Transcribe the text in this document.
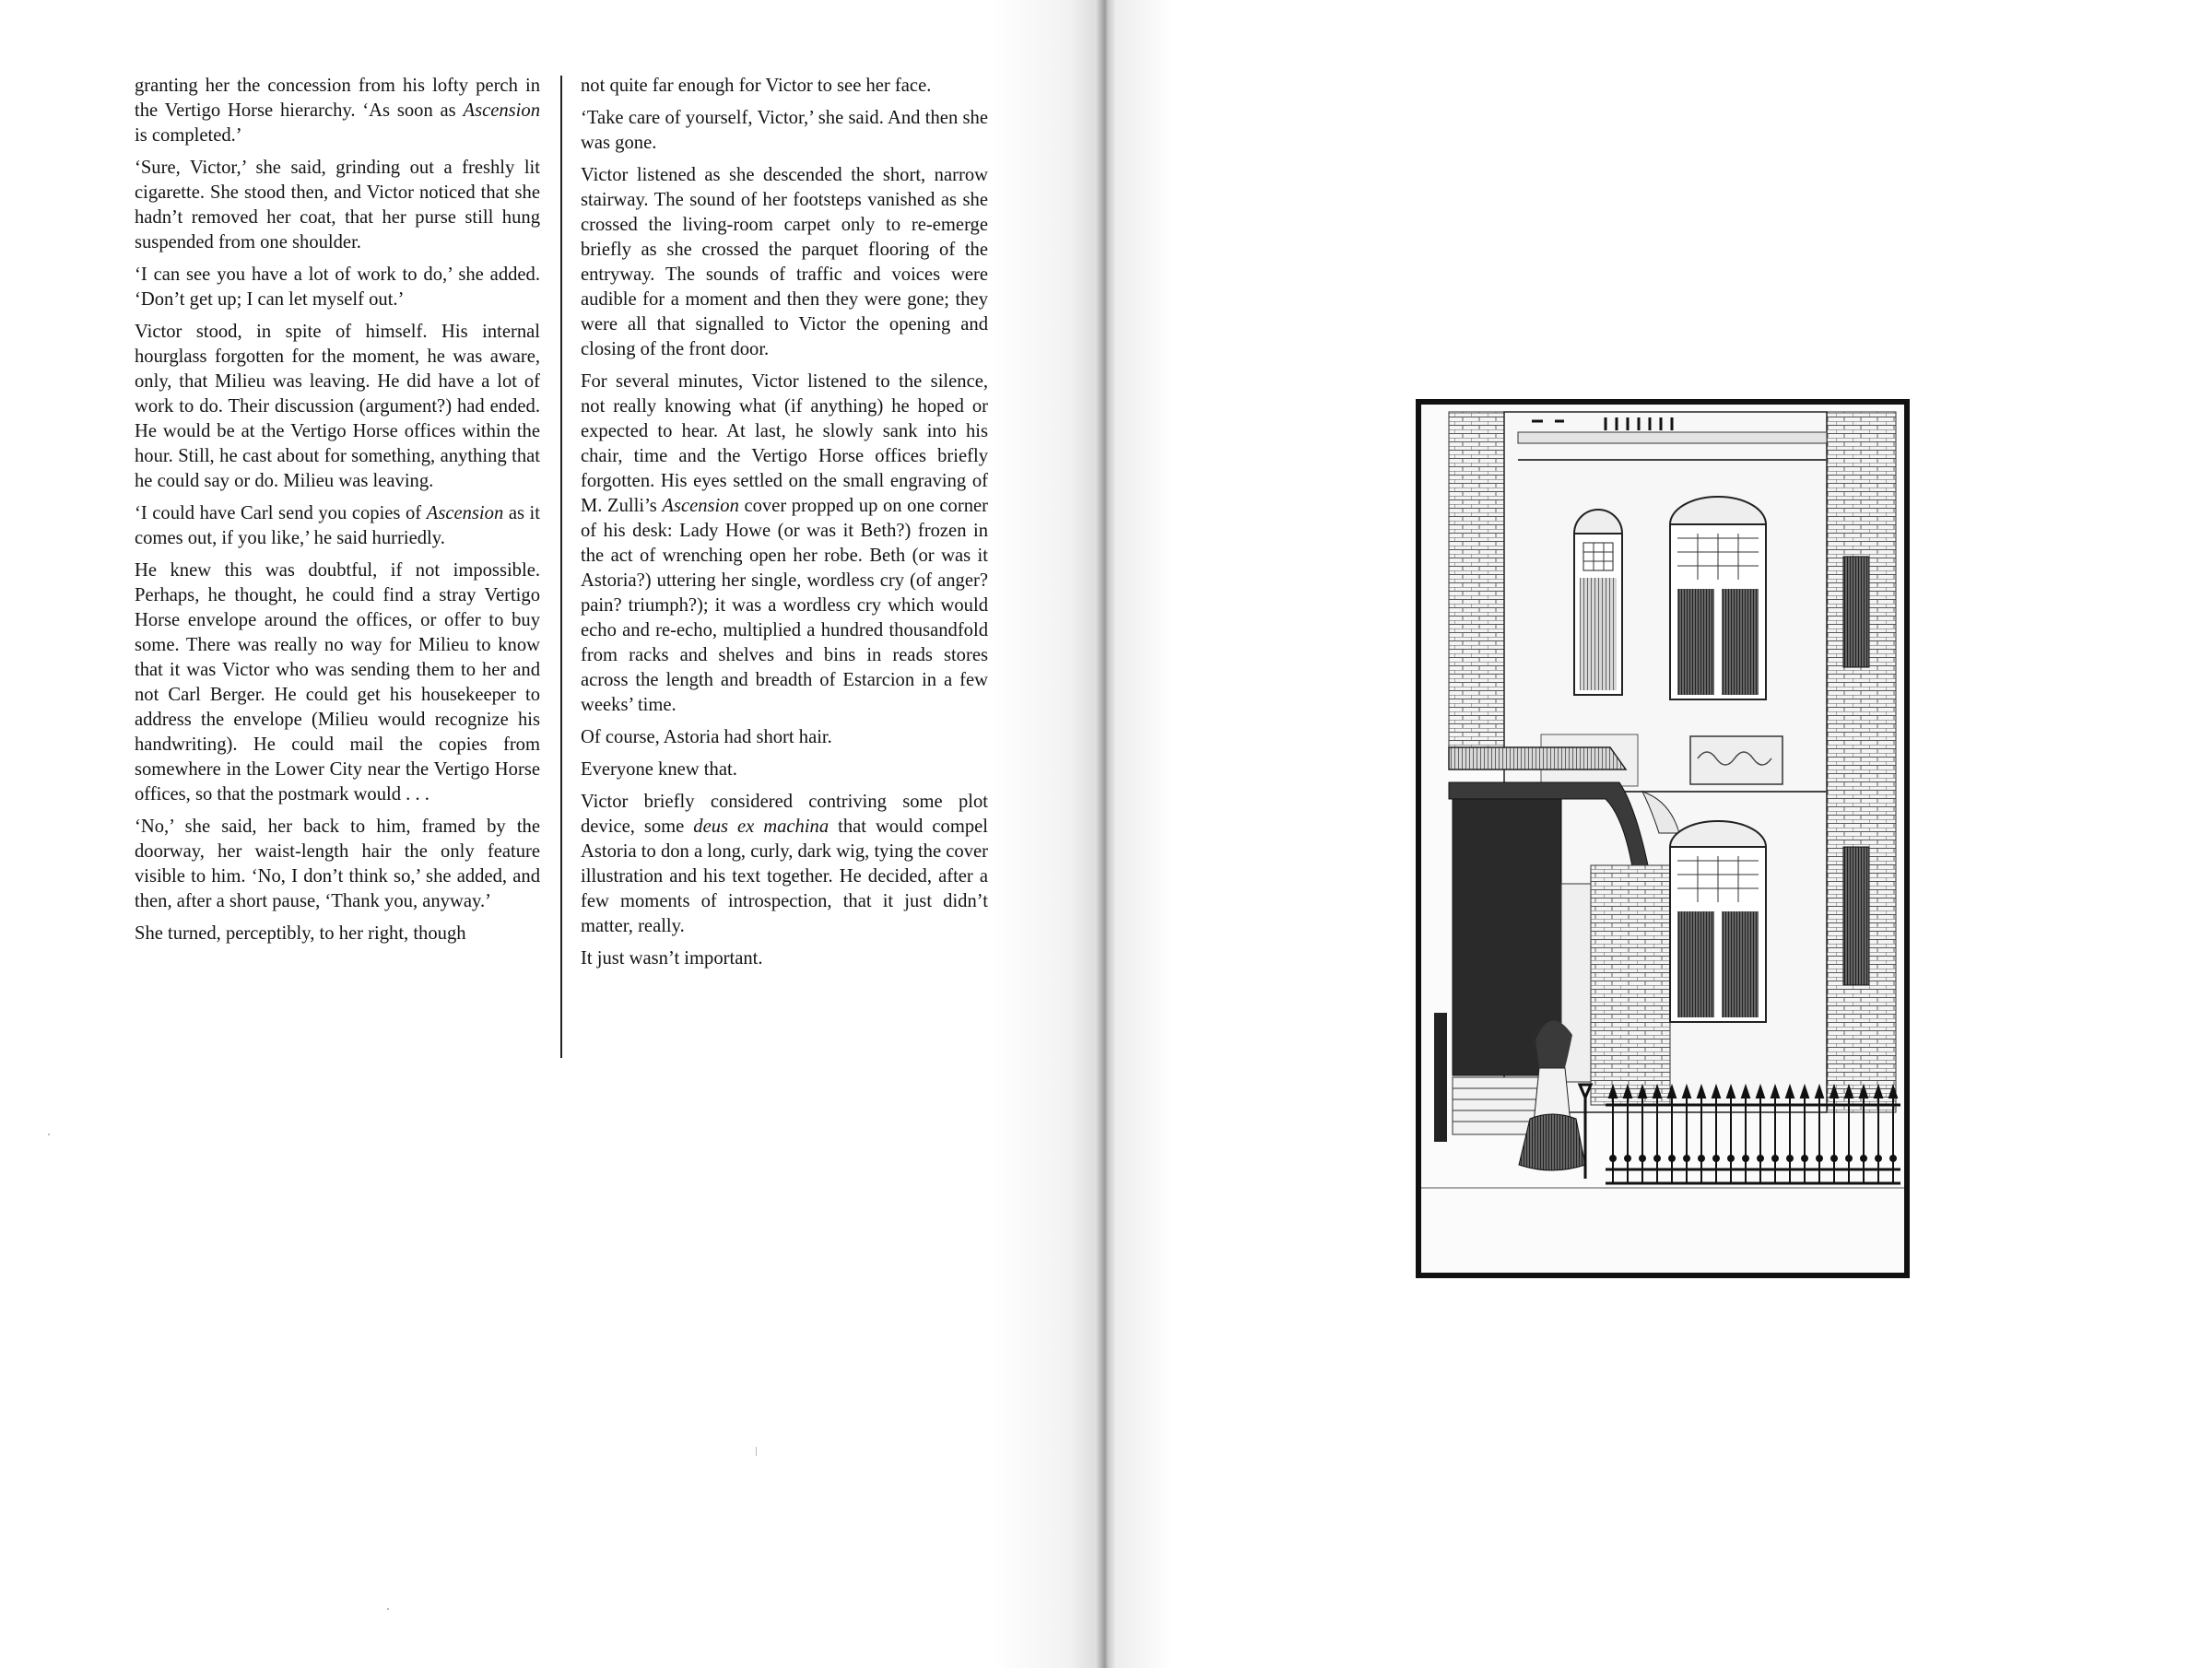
granting her the concession from his lofty perch in the Vertigo Horse hierarchy. ‘As soon as Ascension is completed.’

‘Sure, Victor,’ she said, grinding out a freshly lit cigarette. She stood then, and Victor noticed that she hadn’t removed her coat, that her purse still hung suspended from one shoulder.

‘I can see you have a lot of work to do,’ she added. ‘Don’t get up; I can let myself out.’

Victor stood, in spite of himself. His internal hourglass forgotten for the moment, he was aware, only, that Milieu was leaving. He did have a lot of work to do. Their discussion (argument?) had ended. He would be at the Vertigo Horse offices within the hour. Still, he cast about for something, anything that he could say or do. Milieu was leaving.

‘I could have Carl send you copies of Ascension as it comes out, if you like,’ he said hurriedly.

He knew this was doubtful, if not impossible. Perhaps, he thought, he could find a stray Vertigo Horse envelope around the offices, or offer to buy some. There was really no way for Milieu to know that it was Victor who was sending them to her and not Carl Berger. He could get his housekeeper to address the envelope (Milieu would recognize his handwriting). He could mail the copies from somewhere in the Lower City near the Vertigo Horse offices, so that the postmark would . . .

‘No,’ she said, her back to him, framed by the doorway, her waist-length hair the only feature visible to him. ‘No, I don’t think so,’ she added, and then, after a short pause, ‘Thank you, anyway.’

She turned, perceptibly, to her right, though

not quite far enough for Victor to see her face.

‘Take care of yourself, Victor,’ she said. And then she was gone.

Victor listened as she descended the short, narrow stairway. The sound of her footsteps vanished as she crossed the living-room carpet only to re-emerge briefly as she crossed the parquet flooring of the entryway. The sounds of traffic and voices were audible for a moment and then they were gone; they were all that signalled to Victor the opening and closing of the front door.

For several minutes, Victor listened to the silence, not really knowing what (if anything) he hoped or expected to hear. At last, he slowly sank into his chair, time and the Vertigo Horse offices briefly forgotten. His eyes settled on the small engraving of M. Zulli’s Ascension cover propped up on one corner of his desk: Lady Howe (or was it Beth?) frozen in the act of wrenching open her robe. Beth (or was it Astoria?) uttering her single, wordless cry (of anger? pain? triumph?); it was a wordless cry which would echo and re-echo, multiplied a hundred thousandfold from racks and shelves and bins in reads stores across the length and breadth of Estarcion in a few weeks’ time.

Of course, Astoria had short hair.

Everyone knew that.

Victor briefly considered contriving some plot device, some deus ex machina that would compel Astoria to don a long, curly, dark wig, tying the cover illustration and his text together. He decided, after a few moments of introspection, that it just didn’t matter, really.

It just wasn’t important.
